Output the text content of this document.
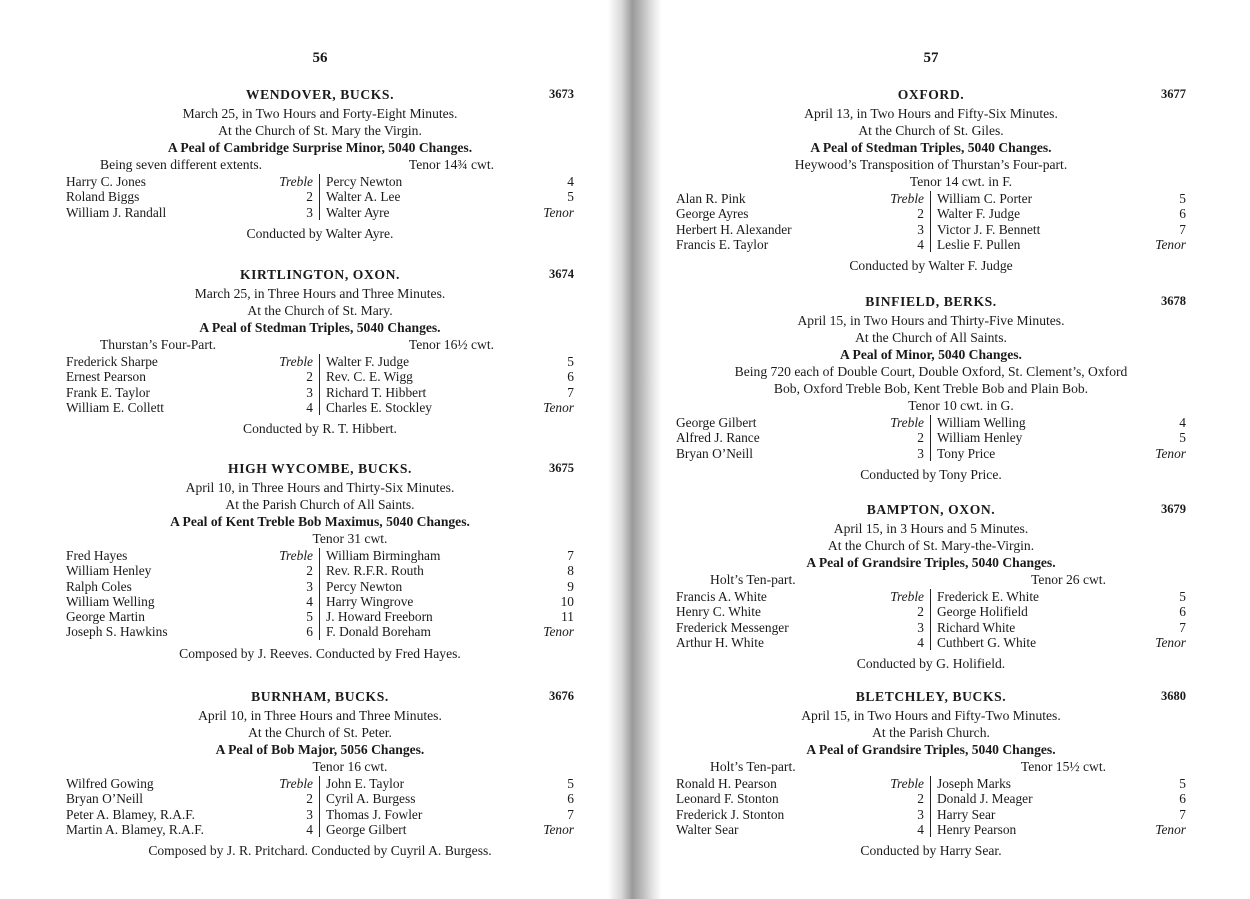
56
WENDOVER, BUCKS.	3673
March 25, in Two Hours and Forty-Eight Minutes.
At the Church of St. Mary the Virgin.
A Peal of Cambridge Surprise Minor, 5040 Changes.
Being seven different extents.	Tenor 14¾ cwt.
Harry C. Jones ..	Treble
Roland Biggs ..	2
William J. Randall ..	3
Percy Newton ..	4
Walter A. Lee ..	5
Walter Ayre ..	Tenor
Conducted by Walter Ayre.
KIRTLINGTON, OXON.	3674
March 25, in Three Hours and Three Minutes.
At the Church of St. Mary.
A Peal of Stedman Triples, 5040 Changes.
Thurstan’s Four-Part.	Tenor 16½ cwt.
Frederick Sharpe ..	Treble
Ernest Pearson ..	2
Frank E. Taylor ..	3
William E. Collett ..	4
Walter F. Judge ..	5
Rev. C. E. Wigg ..	6
Richard T. Hibbert ..	7
Charles E. Stockley ..	Tenor
Conducted by R. T. Hibbert.
HIGH WYCOMBE, BUCKS.	3675
April 10, in Three Hours and Thirty-Six Minutes.
At the Parish Church of All Saints.
A Peal of Kent Treble Bob Maximus, 5040 Changes.
Tenor 31 cwt.
Fred Hayes ..	Treble
William Henley ..	2
Ralph Coles ..	3
William Welling ..	4
George Martin ..	5
Joseph S. Hawkins ..	6
William Birmingham ..	7
Rev. R.F.R. Routh ..	8
Percy Newton ..	9
Harry Wingrove ..	10
J. Howard Freeborn ..	11
F. Donald Boreham ..	Tenor
Composed by J. Reeves. Conducted by Fred Hayes.
BURNHAM, BUCKS.	3676
April 10, in Three Hours and Three Minutes.
At the Church of St. Peter.
A Peal of Bob Major, 5056 Changes.
Tenor 16 cwt.
Wilfred Gowing ..	Treble
Bryan O’Neill ..	2
Peter A. Blamey, R.A.F. ..	3
Martin A. Blamey, R.A.F. ..	4
John E. Taylor ..	5
Cyril A. Burgess ..	6
Thomas J. Fowler ..	7
George Gilbert ..	Tenor
Composed by J. R. Pritchard. Conducted by Cuyril A. Burgess.
57
OXFORD.	3677
April 13, in Two Hours and Fifty-Six Minutes.
At the Church of St. Giles.
A Peal of Stedman Triples, 5040 Changes.
Heywood’s Transposition of Thurstan’s Four-part.
Tenor 14 cwt. in F.
Alan R. Pink ..	Treble
George Ayres ..	2
Herbert H. Alexander ..	3
Francis E. Taylor ..	4
William C. Porter ..	5
Walter F. Judge ..	6
Victor J. F. Bennett ..	7
Leslie F. Pullen ..	Tenor
Conducted by Walter F. Judge
BINFIELD, BERKS.	3678
April 15, in Two Hours and Thirty-Five Minutes.
At the Church of All Saints.
A Peal of Minor, 5040 Changes.
Being 720 each of Double Court, Double Oxford, St. Clement’s, Oxford
Bob, Oxford Treble Bob, Kent Treble Bob and Plain Bob.
Tenor 10 cwt. in G.
George Gilbert ..	Treble
Alfred J. Rance ..	2
Bryan O’Neill ..	3
William Welling ..	4
William Henley ..	5
Tony Price ..	Tenor
Conducted by Tony Price.
BAMPTON, OXON.	3679
April 15, in 3 Hours and 5 Minutes.
At the Church of St. Mary-the-Virgin.
A Peal of Grandsire Triples, 5040 Changes.
Holt’s Ten-part.	Tenor 26 cwt.
Francis A. White ..	Treble
Henry C. White ..	2
Frederick Messenger ..	3
Arthur H. White ..	4
Frederick E. White ..	5
George Holifield ..	6
Richard White ..	7
Cuthbert G. White ..	Tenor
Conducted by G. Holifield.
BLETCHLEY, BUCKS.	3680
April 15, in Two Hours and Fifty-Two Minutes.
At the Parish Church.
A Peal of Grandsire Triples, 5040 Changes.
Holt’s Ten-part.	Tenor 15½ cwt.
Ronald H. Pearson ..	Treble
Leonard F. Stonton ..	2
Frederick J. Stonton ..	3
Walter Sear ..	4
Joseph Marks ..	5
Donald J. Meager ..	6
Harry Sear ..	7
Henry Pearson ..	Tenor
Conducted by Harry Sear.
